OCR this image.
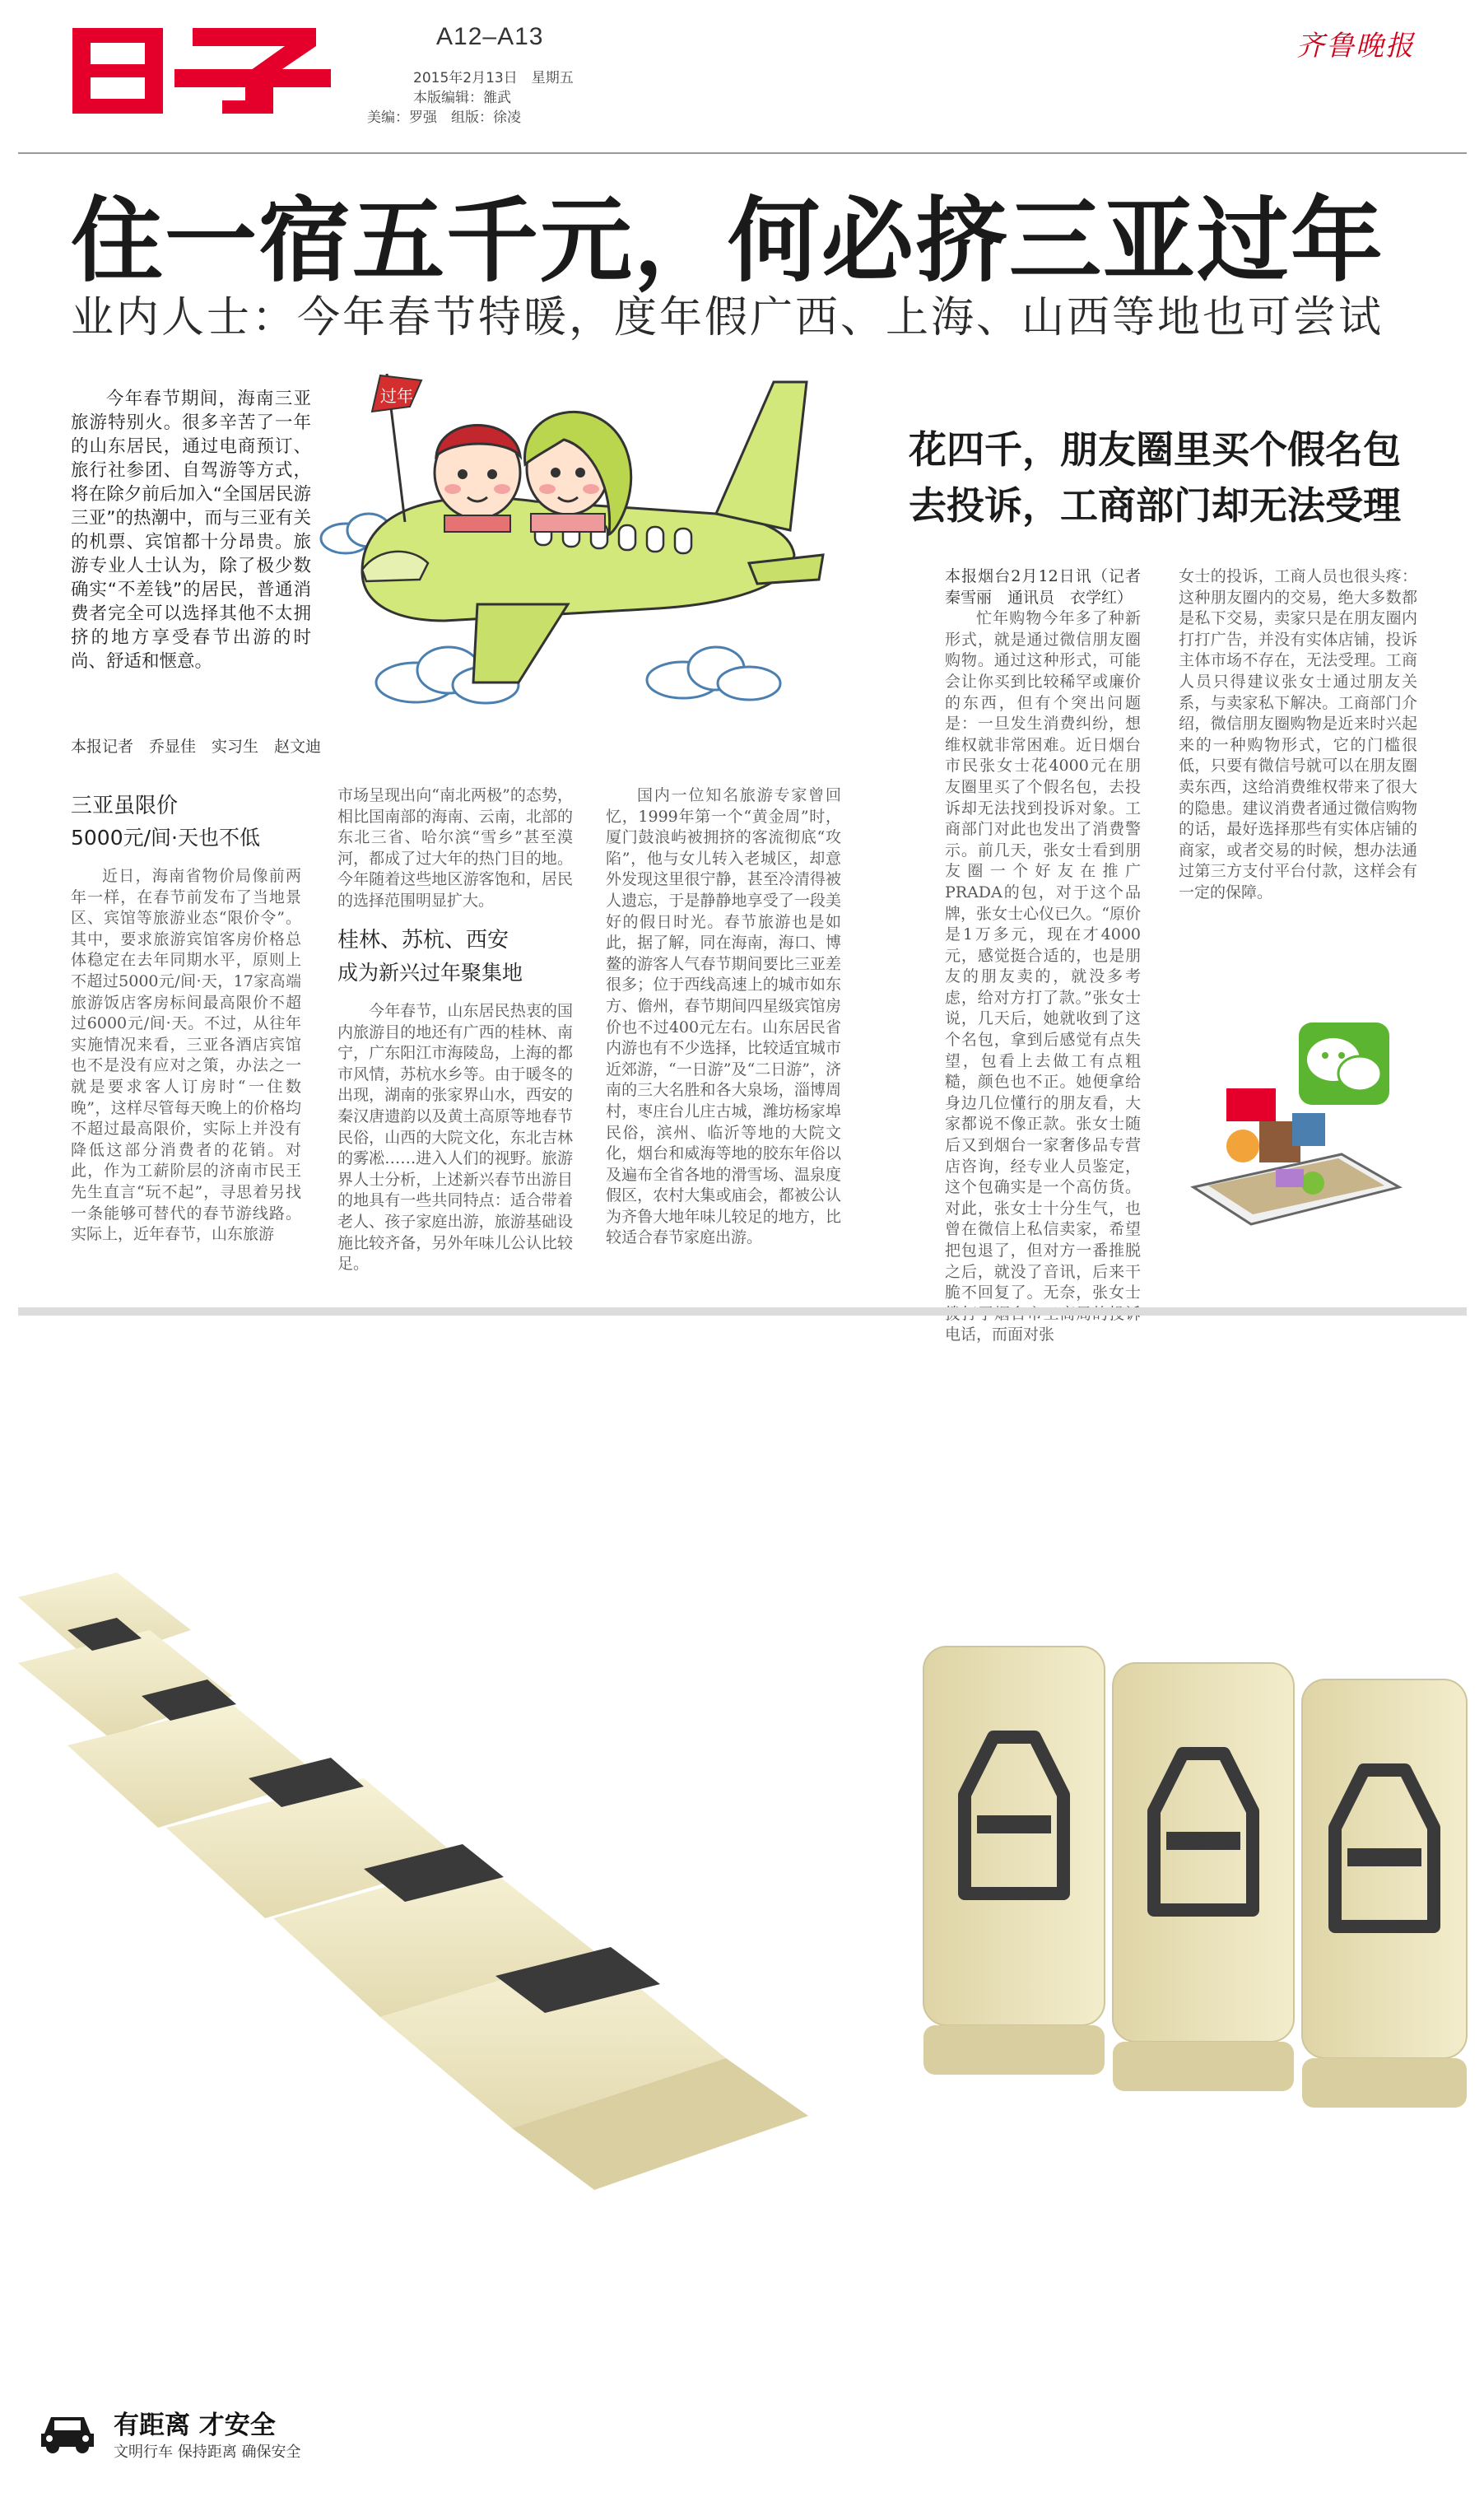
A12–A13
2015年2月13日　星期五
本版编辑：雒武
美编：罗强　组版：徐凌
齐鲁晚报
住一宿五千元，何必挤三亚过年
业内人士：今年春节特暖，度年假广西、上海、山西等地也可尝试
今年春节期间，海南三亚旅游特别火。很多辛苦了一年的山东居民，通过电商预订、旅行社参团、自驾游等方式，将在除夕前后加入“全国居民游三亚”的热潮中，而与三亚有关的机票、宾馆都十分昂贵。旅游专业人士认为，除了极少数确实“不差钱”的居民，普通消费者完全可以选择其他不太拥挤的地方享受春节出游的时尚、舒适和惬意。
本报记者　乔显佳　实习生　赵文迪
过年
三亚虽限价
5000元/间·天也不低

近日，海南省物价局像前两年一样，在春节前发布了当地景区、宾馆等旅游业态“限价令”。其中，要求旅游宾馆客房价格总体稳定在去年同期水平，原则上不超过5000元/间·天，17家高端旅游饭店客房标间最高限价不超过6000元/间·天。不过，从往年实施情况来看，三亚各酒店宾馆也不是没有应对之策，办法之一就是要求客人订房时“一住数晚”，这样尽管每天晚上的价格均不超过最高限价，实际上并没有降低这部分消费者的花销。对此，作为工薪阶层的济南市民王先生直言“玩不起”，寻思着另找一条能够可替代的春节游线路。实际上，近年春节，山东旅游

市场呈现出向“南北两极”的态势，相比国南部的海南、云南，北部的东北三省、哈尔滨“雪乡”甚至漠河，都成了过大年的热门目的地。今年随着这些地区游客饱和，居民的选择范围明显扩大。

桂林、苏杭、西安
成为新兴过年聚集地

今年春节，山东居民热衷的国内旅游目的地还有广西的桂林、南宁，广东阳江市海陵岛，上海的都市风情，苏杭水乡等。由于暖冬的出现，湖南的张家界山水，西安的秦汉唐遗韵以及黄土高原等地春节民俗，山西的大院文化，东北吉林的雾凇……进入人们的视野。旅游界人士分析，上述新兴春节出游目的地具有一些共同特点：适合带着老人、孩子家庭出游，旅游基础设施比较齐备，另外年味儿公认比较足。

国内一位知名旅游专家曾回忆，1999年第一个“黄金周”时，厦门鼓浪屿被拥挤的客流彻底“攻陷”，他与女儿转入老城区，却意外发现这里很宁静，甚至冷清得被人遗忘，于是静静地享受了一段美好的假日时光。春节旅游也是如此，据了解，同在海南，海口、博鳌的游客人气春节期间要比三亚差很多；位于西线高速上的城市如东方、儋州，春节期间四星级宾馆房价也不过400元左右。山东居民省内游也有不少选择，比较适宜城市近郊游，“一日游”及“二日游”，济南的三大名胜和各大泉场，淄博周村，枣庄台儿庄古城，潍坊杨家埠民俗，滨州、临沂等地的大院文化，烟台和威海等地的胶东年俗以及遍布全省各地的滑雪场、温泉度假区，农村大集或庙会，都被公认为齐鲁大地年味儿较足的地方，比较适合春节家庭出游。

花四千，朋友圈里买个假名包
去投诉，工商部门却无法受理

本报烟台2月12日讯（记者　秦雪丽　通讯员　衣学红）

忙年购物今年多了种新形式，就是通过微信朋友圈购物。通过这种形式，可能会让你买到比较稀罕或廉价的东西，但有个突出问题是：一旦发生消费纠纷，想维权就非常困难。近日烟台市民张女士花4000元在朋友圈里买了个假名包，去投诉却无法找到投诉对象。工商部门对此也发出了消费警示。前几天，张女士看到朋友圈一个好友在推广PRADA的包，对于这个品牌，张女士心仪已久。“原价是1万多元，现在才4000元，感觉挺合适的，也是朋友的朋友卖的，就没多考虑，给对方打了款。”张女士说，几天后，她就收到了这个名包，拿到后感觉有点失望，包看上去做工有点粗糙，颜色也不正。她便拿给身边几位懂行的朋友看，大家都说不像正款。张女士随后又到烟台一家奢侈品专营店咨询，经专业人员鉴定，这个包确实是一个高仿货。对此，张女士十分生气，也曾在微信上私信卖家，希望把包退了，但对方一番推脱之后，就没了音讯，后来干脆不回复了。无奈，张女士 电话，而面对张

女士的投诉，工商人员也很头疼：这种朋友圈内的交易，绝大多数都是私下交易，卖家只是在朋友圈内打打广告，并没有实体店铺，投诉主体市场不存在，无法受理。工商人员只得建议张女士通过朋友关系，与卖家私下解决。工商部门介绍，微信朋友圈购物是近来时兴起来的一种购物形式，它的门槛很低，只要有微信号就可以在朋友圈卖东西，这给消费维权带来了很大的隐患。建议消费者通过微信购物的话，最好选择那些有实体店铺的商家，或者交易的时候，想办法通过第三方支付平台付款，这样会有一定的保障。

有距离 才安全
文明行车 保持距离 确保安全
